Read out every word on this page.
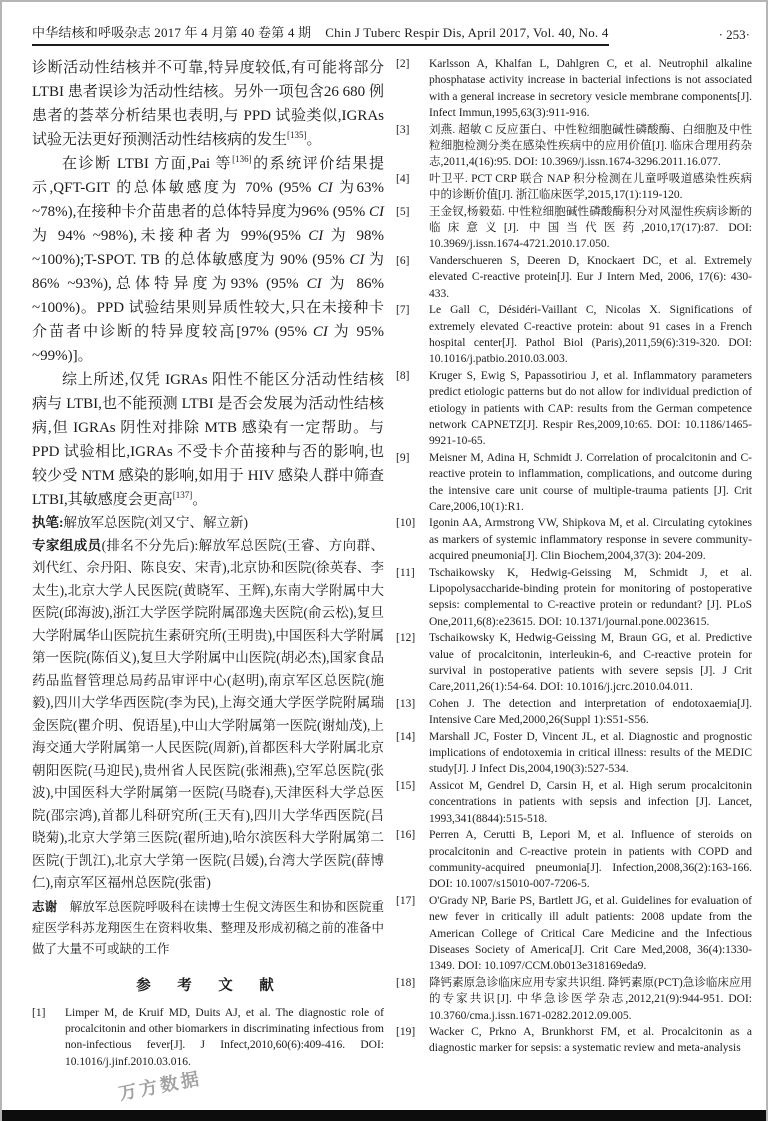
中华结核和呼吸杂志 2017 年 4 月第 40 卷第 4 期 Chin J Tuberc Respir Dis, April 2017, Vol. 40, No. 4	· 253·

诊断活动性结核并不可靠,特异度较低,有可能将部分 LTBI 患者误诊为活动性结核。另外一项包含26 680 例患者的荟萃分析结果也表明,与 PPD 试验类似,IGRAs 试验无法更好预测活动性结核病的发生[135]。

在诊断 LTBI 方面,Pai 等[136]的系统评价结果提示,QFT-GIT 的总体敏感度为 70% (95% CI 为63% ~78%),在接种卡介苗患者的总体特异度为96% (95% CI 为 94% ~98%),未接种者为 99%(95% CI 为 98% ~100%);T-SPOT. TB 的总体敏感度为 90% (95% CI 为 86% ~93%),总体特异度为93% (95% CI 为 86% ~100%)。PPD 试验结果则异质性较大,只在未接种卡介苗者中诊断的特异度较高[97% (95% CI 为 95% ~99%)]。

综上所述,仅凭 IGRAs 阳性不能区分活动性结核病与 LTBI,也不能预测 LTBI 是否会发展为活动性结核病,但 IGRAs 阴性对排除 MTB 感染有一定帮助。与 PPD 试验相比,IGRAs 不受卡介苗接种与否的影响,也较少受 NTM 感染的影响,如用于 HIV 感染人群中筛查 LTBI,其敏感度会更高[137]。

执笔:解放军总医院(刘又宁、解立新)

专家组成员(排名不分先后):解放军总医院(王睿、方向群、刘代红、佘丹阳、陈良安、宋青),北京协和医院(徐英春、李太生),北京大学人民医院(黄晓军、王辉),东南大学附属中大医院(邱海波),浙江大学医学院附属邵逸夫医院(俞云松),复旦大学附属华山医院抗生素研究所(王明贵),中国医科大学附属第一医院(陈佰义),复旦大学附属中山医院(胡必杰),国家食品药品监督管理总局药品审评中心(赵明),南京军区总医院(施毅),四川大学华西医院(李为民),上海交通大学医学院附属瑞金医院(瞿介明、倪语星),中山大学附属第一医院(谢灿茂),上海交通大学附属第一人民医院(周新),首都医科大学附属北京朝阳医院(马迎民),贵州省人民医院(张湘燕),空军总医院(张波),中国医科大学附属第一医院(马晓春),天津医科大学总医院(邵宗鸿),首都儿科研究所(王天有),四川大学华西医院(吕晓菊),北京大学第三医院(翟所迪),哈尔滨医科大学附属第二医院(于凯江),北京大学第一医院(吕媛),台湾大学医院(薛博仁),南京军区福州总医院(张雷)

志谢　解放军总医院呼吸科在读博士生倪文涛医生和协和医院重症医学科苏龙翔医生在资料收集、整理及形成初稿之前的准备中做了大量不可或缺的工作

参　考　文　献
[1]	Limper M, de Kruif MD, Duits AJ, et al. The diagnostic role of procalcitonin and other biomarkers in discriminating infectious from non-infectious fever[J]. J Infect,2010,60(6):409-416. DOI: 10.1016/j.jinf.2010.03.016.
[2]	Karlsson A, Khalfan L, Dahlgren C, et al. Neutrophil alkaline phosphatase activity increase in bacterial infections is not associated with a general increase in secretory vesicle membrane components[J]. Infect Immun,1995,63(3):911-916.
[3]	刘燕. 超敏 C 反应蛋白、中性粒细胞碱性磷酸酶、白细胞及中性粒细胞检测分类在感染性疾病中的应用价值[J]. 临床合理用药杂志,2011,4(16):95. DOI: 10.3969/j.issn.1674-3296.2011.16.077.
[4]	叶卫平. PCT CRP 联合 NAP 积分检测在儿童呼吸道感染性疾病中的诊断价值[J]. 浙江临床医学,2015,17(1):119-120.
[5]	王金钗,杨毅茹. 中性粒细胞碱性磷酸酶积分对风湿性疾病诊断的临床意义[J]. 中国当代医药,2010,17(17):87. DOI: 10.3969/j.issn.1674-4721.2010.17.050.
[6]	Vanderschueren S, Deeren D, Knockaert DC, et al. Extremely elevated C-reactive protein[J]. Eur J Intern Med, 2006, 17(6): 430-433.
[7]	Le Gall C, Désidéri-Vaillant C, Nicolas X. Significations of extremely elevated C-reactive protein: about 91 cases in a French hospital center[J]. Pathol Biol (Paris),2011,59(6):319-320. DOI: 10.1016/j.patbio.2010.03.003.
[8]	Kruger S, Ewig S, Papassotiriou J, et al. Inflammatory parameters predict etiologic patterns but do not allow for individual prediction of etiology in patients with CAP: results from the German competence network CAPNETZ[J]. Respir Res,2009,10:65. DOI: 10.1186/1465-9921-10-65.
[9]	Meisner M, Adina H, Schmidt J. Correlation of procalcitonin and C-reactive protein to inflammation, complications, and outcome during the intensive care unit course of multiple-trauma patients [J]. Crit Care,2006,10(1):R1.
[10]	Igonin AA, Armstrong VW, Shipkova M, et al. Circulating cytokines as markers of systemic inflammatory response in severe community-acquired pneumonia[J]. Clin Biochem,2004,37(3): 204-209.
[11]	Tschaikowsky K, Hedwig-Geissing M, Schmidt J, et al. Lipopolysaccharide-binding protein for monitoring of postoperative sepsis: complemental to C-reactive protein or redundant? [J]. PLoS One,2011,6(8):e23615. DOI: 10.1371/journal.pone.0023615.
[12]	Tschaikowsky K, Hedwig-Geissing M, Braun GG, et al. Predictive value of procalcitonin, interleukin-6, and C-reactive protein for survival in postoperative patients with severe sepsis [J]. J Crit Care,2011,26(1):54-64. DOI: 10.1016/j.jcrc.2010.04.011.
[13]	Cohen J. The detection and interpretation of endotoxaemia[J]. Intensive Care Med,2000,26(Suppl 1):S51-S56.
[14]	Marshall JC, Foster D, Vincent JL, et al. Diagnostic and prognostic implications of endotoxemia in critical illness: results of the MEDIC study[J]. J Infect Dis,2004,190(3):527-534.
[15]	Assicot M, Gendrel D, Carsin H, et al. High serum procalcitonin concentrations in patients with sepsis and infection [J]. Lancet, 1993,341(8844):515-518.
[16]	Perren A, Cerutti B, Lepori M, et al. Influence of steroids on procalcitonin and C-reactive protein in patients with COPD and community-acquired pneumonia[J]. Infection,2008,36(2):163-166. DOI: 10.1007/s15010-007-7206-5.
[17]	O'Grady NP, Barie PS, Bartlett JG, et al. Guidelines for evaluation of new fever in critically ill adult patients: 2008 update from the American College of Critical Care Medicine and the Infectious Diseases Society of America[J]. Crit Care Med,2008, 36(4):1330-1349. DOI: 10.1097/CCM.0b013e318169eda9.
[18]	降钙素原急诊临床应用专家共识组. 降钙素原(PCT)急诊临床应用的专家共识[J]. 中华急诊医学杂志,2012,21(9):944-951. DOI: 10.3760/cma.j.issn.1671-0282.2012.09.005.
[19]	Wacker C, Prkno A, Brunkhorst FM, et al. Procalcitonin as a diagnostic marker for sepsis: a systematic review and meta-analysis
万方数据
